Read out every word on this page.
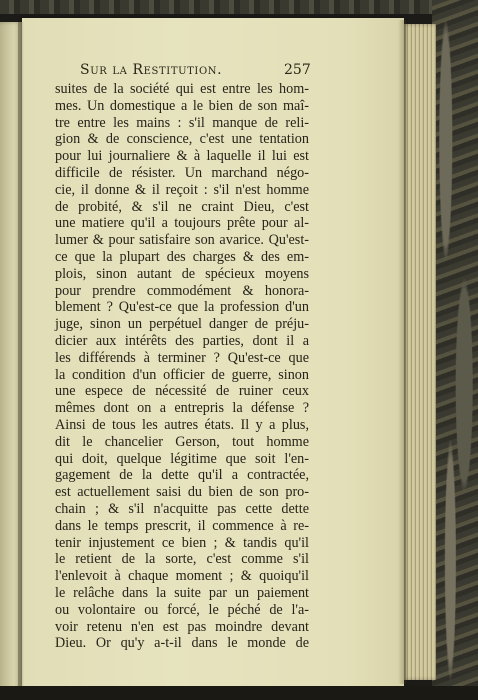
Sur la Restitution.	257
suites de la société qui est entre les hom-
mes. Un domestique a le bien de son maî-
tre entre les mains : s'il manque de reli-
gion & de conscience, c'est une tentation
pour lui journaliere & à laquelle il lui est
difficile de résister. Un marchand négo-
cie, il donne & il reçoit : s'il n'est homme
de probité, & s'il ne craint Dieu, c'est
une matiere qu'il a toujours prête pour al-
lumer & pour satisfaire son avarice. Qu'est-
ce que la plupart des charges & des em-
plois, sinon autant de spécieux moyens
pour prendre commodément & honora-
blement ? Qu'est-ce que la profession d'un
juge, sinon un perpétuel danger de préju-
dicier aux intérêts des parties, dont il a
les différends à terminer ? Qu'est-ce que
la condition d'un officier de guerre, sinon
une espece de nécessité de ruiner ceux
mêmes dont on a entrepris la défense ?
Ainsi de tous les autres états. Il y a plus,
dit le chancelier Gerson, tout homme
qui doit, quelque légitime que soit l'en-
gagement de la dette qu'il a contractée,
est actuellement saisi du bien de son pro-
chain ; & s'il n'acquitte pas cette dette
dans le temps prescrit, il commence à re-
tenir injustement ce bien ; & tandis qu'il
le retient de la sorte, c'est comme s'il
l'enlevoit à chaque moment ; & quoiqu'il
le relâche dans la suite par un paiement
ou volontaire ou forcé, le péché de l'a-
voir retenu n'en est pas moindre devant
Dieu. Or qu'y a-t-il dans le monde de
